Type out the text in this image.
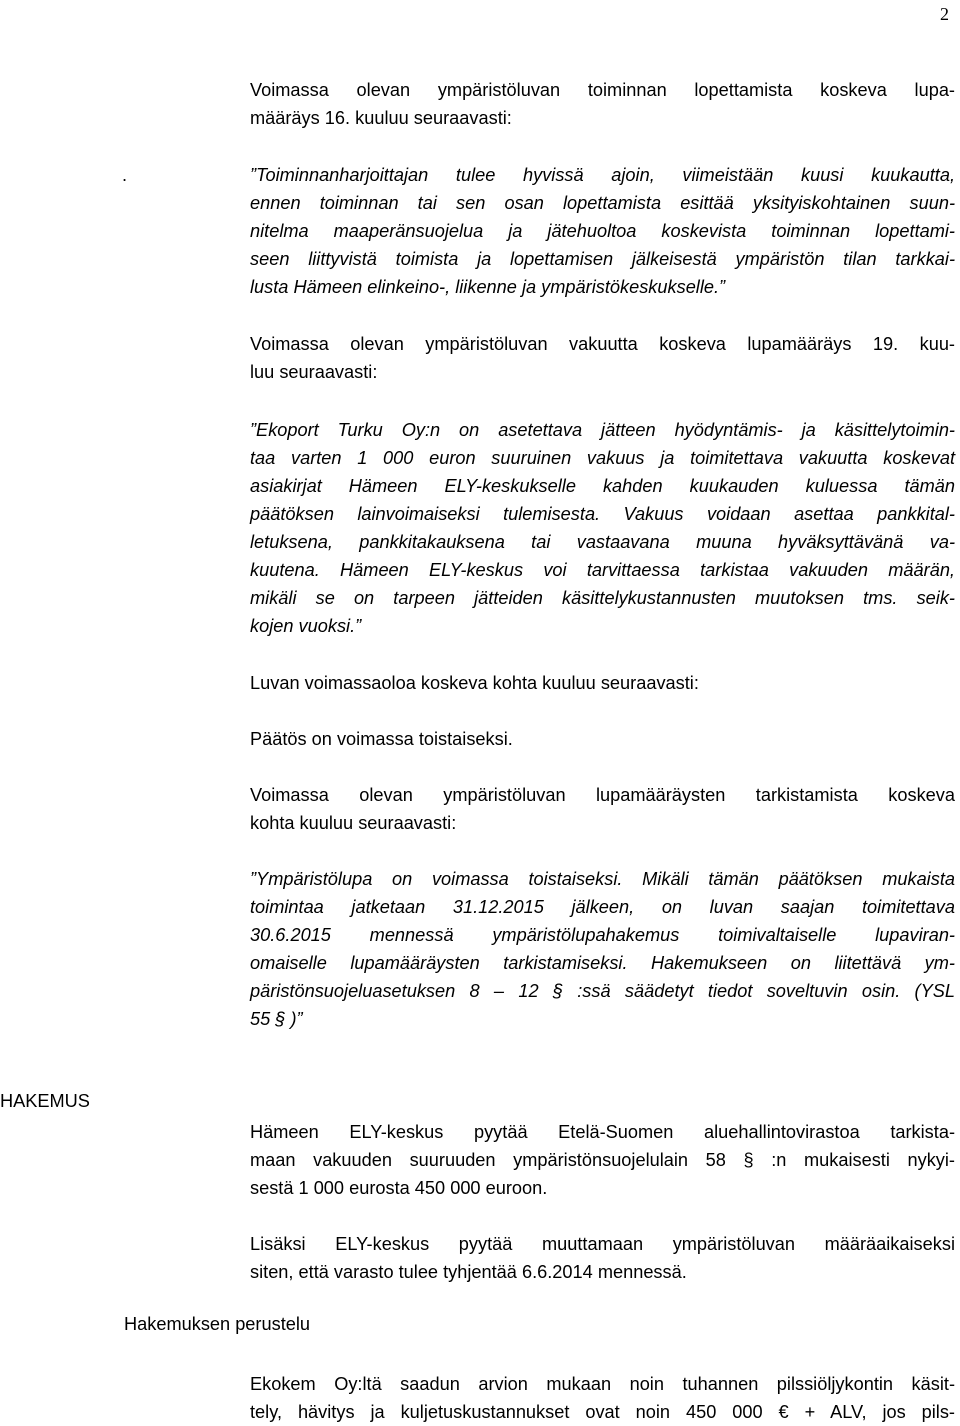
2
Voimassa olevan ympäristöluvan toiminnan lopettamista koskeva lupa-
määräys 16. kuuluu seuraavasti:
.	”Toiminnanharjoittajan tulee hyvissä ajoin, viimeistään kuusi kuukautta,
ennen toiminnan tai sen osan lopettamista esittää yksityiskohtainen suun-
nitelma maaperänsuojelua ja jätehuoltoa koskevista toiminnan lopettami-
seen liittyvistä toimista ja lopettamisen jälkeisestä ympäristön tilan tarkkai-
lusta Hämeen elinkeino-, liikenne ja ympäristökeskukselle.”
Voimassa olevan ympäristöluvan vakuutta koskeva lupamääräys 19. kuu-
luu seuraavasti:
”Ekoport Turku Oy:n on asetettava jätteen hyödyntämis- ja käsittelytoimin-
taa varten 1 000 euron suuruinen vakuus ja toimitettava vakuutta koskevat
asiakirjat Hämeen ELY-keskukselle kahden kuukauden kuluessa tämän
päätöksen lainvoimaiseksi tulemisesta. Vakuus voidaan asettaa pankkital-
letuksena, pankkitakauksena tai vastaavana muuna hyväksyttävänä va-
kuutena. Hämeen ELY-keskus voi tarvittaessa tarkistaa vakuuden määrän,
mikäli se on tarpeen jätteiden käsittelykustannusten muutoksen tms. seik-
kojen vuoksi.”
Luvan voimassaoloa koskeva kohta kuuluu seuraavasti:
Päätös on voimassa toistaiseksi.
Voimassa olevan ympäristöluvan lupamääräysten tarkistamista koskeva
kohta kuuluu seuraavasti:
”Ympäristölupa on voimassa toistaiseksi. Mikäli tämän päätöksen mukaista
toimintaa jatketaan 31.12.2015 jälkeen, on luvan saajan toimitettava
30.6.2015 mennessä ympäristölupahakemus toimivaltaiselle lupaviran-
omaiselle lupamääräysten tarkistamiseksi. Hakemukseen on liitettävä ym-
päristönsuojeluasetuksen 8 – 12 § :ssä säädetyt tiedot soveltuvin osin. (YSL
55 § )”
HAKEMUS
Hämeen ELY-keskus pyytää Etelä-Suomen aluehallintovirastoa tarkista-
maan vakuuden suuruuden ympäristönsuojelulain 58 § :n mukaisesti nykyi-
sestä 1 000 eurosta 450 000 euroon.
Lisäksi ELY-keskus pyytää muuttamaan ympäristöluvan määräaikaiseksi
siten, että varasto tulee tyhjentää 6.6.2014 mennessä.
Hakemuksen perustelu
Ekokem Oy:ltä saadun arvion mukaan noin tuhannen pilssiöljykontin käsit-
tely, hävitys ja kuljetuskustannukset ovat noin 450 000 € + ALV, jos pils-
